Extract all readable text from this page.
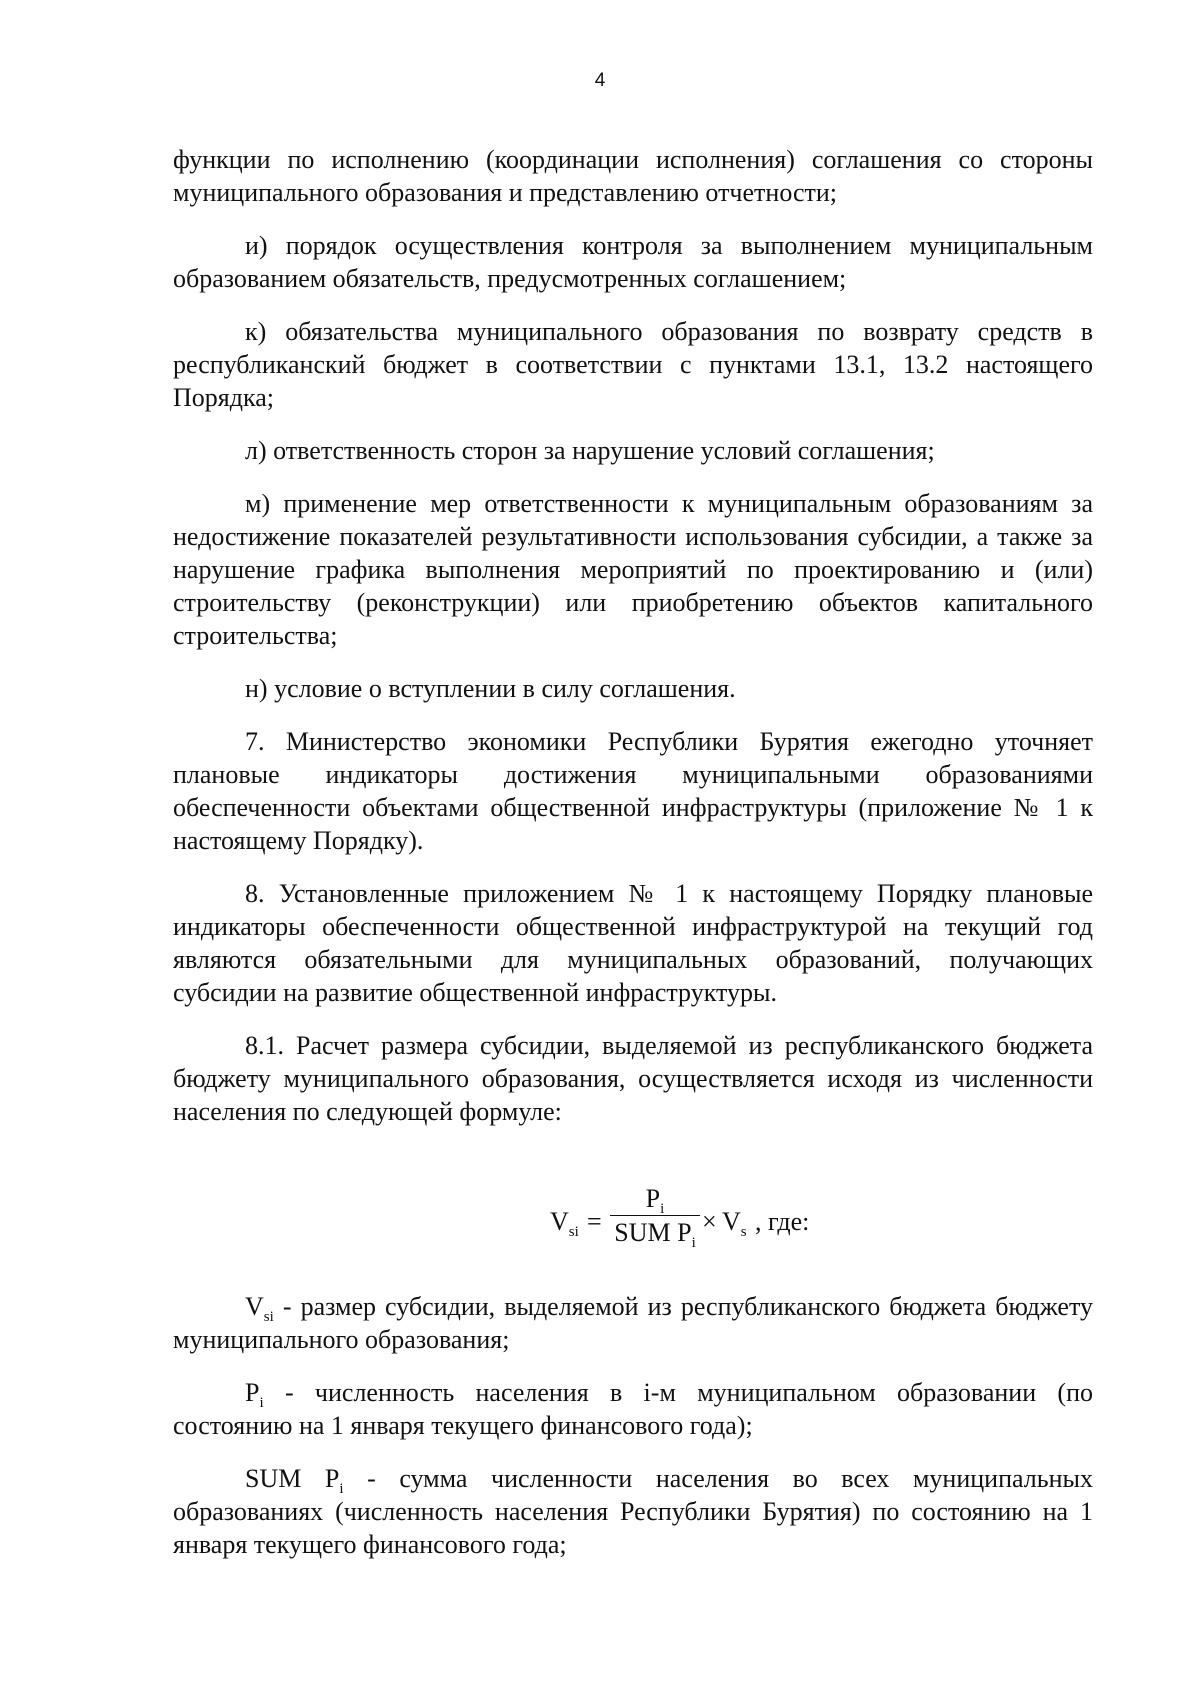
4

функции по исполнению (координации исполнения) соглашения со стороны муниципального образования и представлению отчетности;

и) порядок осуществления контроля за выполнением муниципальным образованием обязательств, предусмотренных соглашением;

к) обязательства муниципального образования по возврату средств в республиканский бюджет в соответствии с пунктами 13.1, 13.2 настоящего Порядка;

л) ответственность сторон за нарушение условий соглашения;

м) применение мер ответственности к муниципальным образованиям за недостижение показателей результативности использования субсидии, а также за нарушение графика выполнения мероприятий по проектированию и (или) строительству (реконструкции) или приобретению объектов капитального строительства;

н) условие о вступлении в силу соглашения.

7. Министерство экономики Республики Бурятия ежегодно уточняет плановые индикаторы достижения муниципальными образованиями обеспеченности объектами общественной инфраструктуры (приложение № 1 к настоящему Порядку).

8. Установленные приложением № 1 к настоящему Порядку плановые индикаторы обеспеченности общественной инфраструктурой на текущий год являются обязательными для муниципальных образований, получающих субсидии на развитие общественной инфраструктуры.

8.1. Расчет размера субсидии, выделяемой из республиканского бюджета бюджету муниципального образования, осуществляется исходя из численности населения по следующей формуле:

$V_{si}$ =
$P_i$
SUM $P_i$
× $V_s$ , где:

$V_{si}$ - размер субсидии, выделяемой из республиканского бюджета бюджету муниципального образования;

$P_i$ - численность населения в i-м муниципальном образовании (по состоянию на 1 января текущего финансового года);

SUM $P_i$ - сумма численности населения во всех муниципальных образованиях (численность населения Республики Бурятия) по состоянию на 1 января текущего финансового года;
